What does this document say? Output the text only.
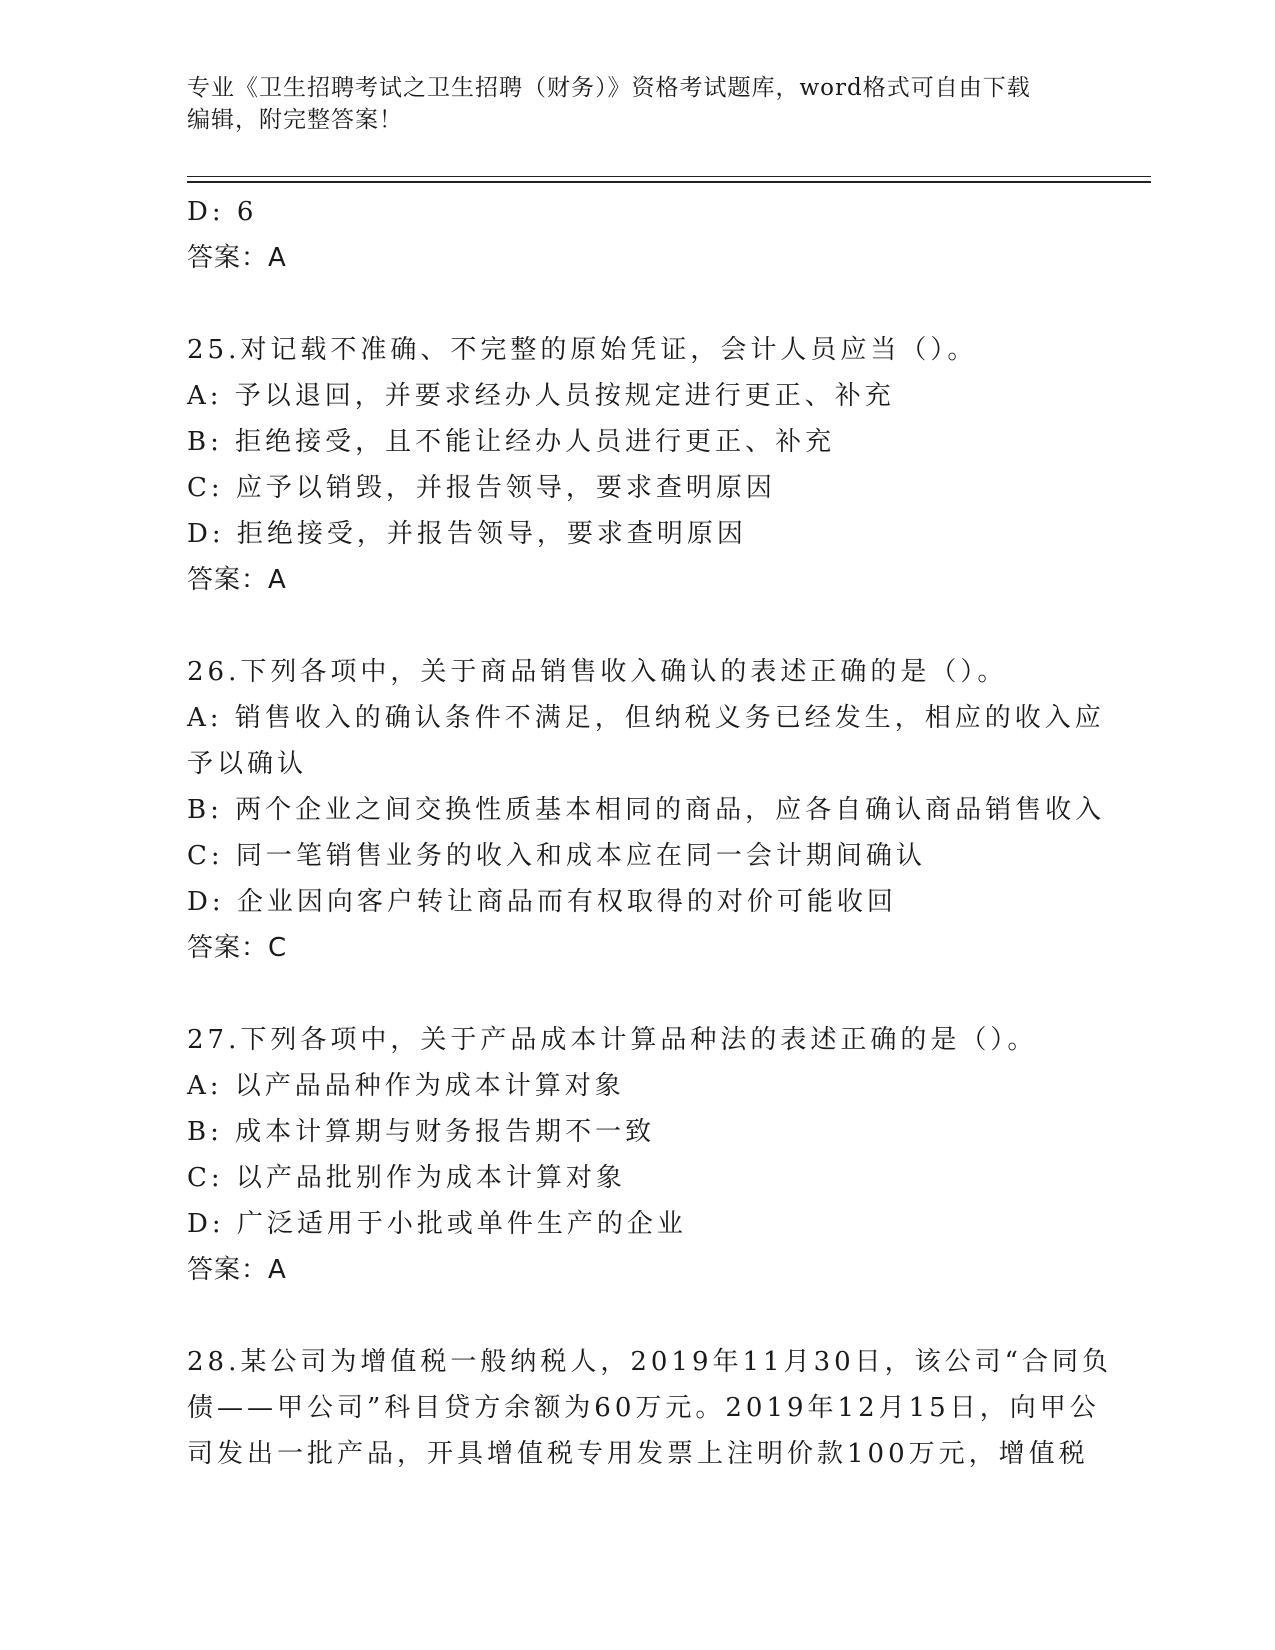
专业《卫生招聘考试之卫生招聘（财务）》资格考试题库，word格式可自由下载
编辑，附完整答案！
D: 6
答案：A
25.对记载不准确、不完整的原始凭证，会计人员应当（）。
A: 予以退回，并要求经办人员按规定进行更正、补充
B: 拒绝接受，且不能让经办人员进行更正、补充
C: 应予以销毁，并报告领导，要求查明原因
D: 拒绝接受，并报告领导，要求查明原因
答案：A
26.下列各项中，关于商品销售收入确认的表述正确的是（）。
A: 销售收入的确认条件不满足，但纳税义务已经发生，相应的收入应
予以确认
B: 两个企业之间交换性质基本相同的商品，应各自确认商品销售收入
C: 同一笔销售业务的收入和成本应在同一会计期间确认
D: 企业因向客户转让商品而有权取得的对价可能收回
答案：C
27.下列各项中，关于产品成本计算品种法的表述正确的是（）。
A: 以产品品种作为成本计算对象
B: 成本计算期与财务报告期不一致
C: 以产品批别作为成本计算对象
D: 广泛适用于小批或单件生产的企业
答案：A
28.某公司为增值税一般纳税人，2019年11月30日，该公司“合同负
债——甲公司”科目贷方余额为60万元。2019年12月15日，向甲公
司发出一批产品，开具增值税专用发票上注明价款100万元，增值税
